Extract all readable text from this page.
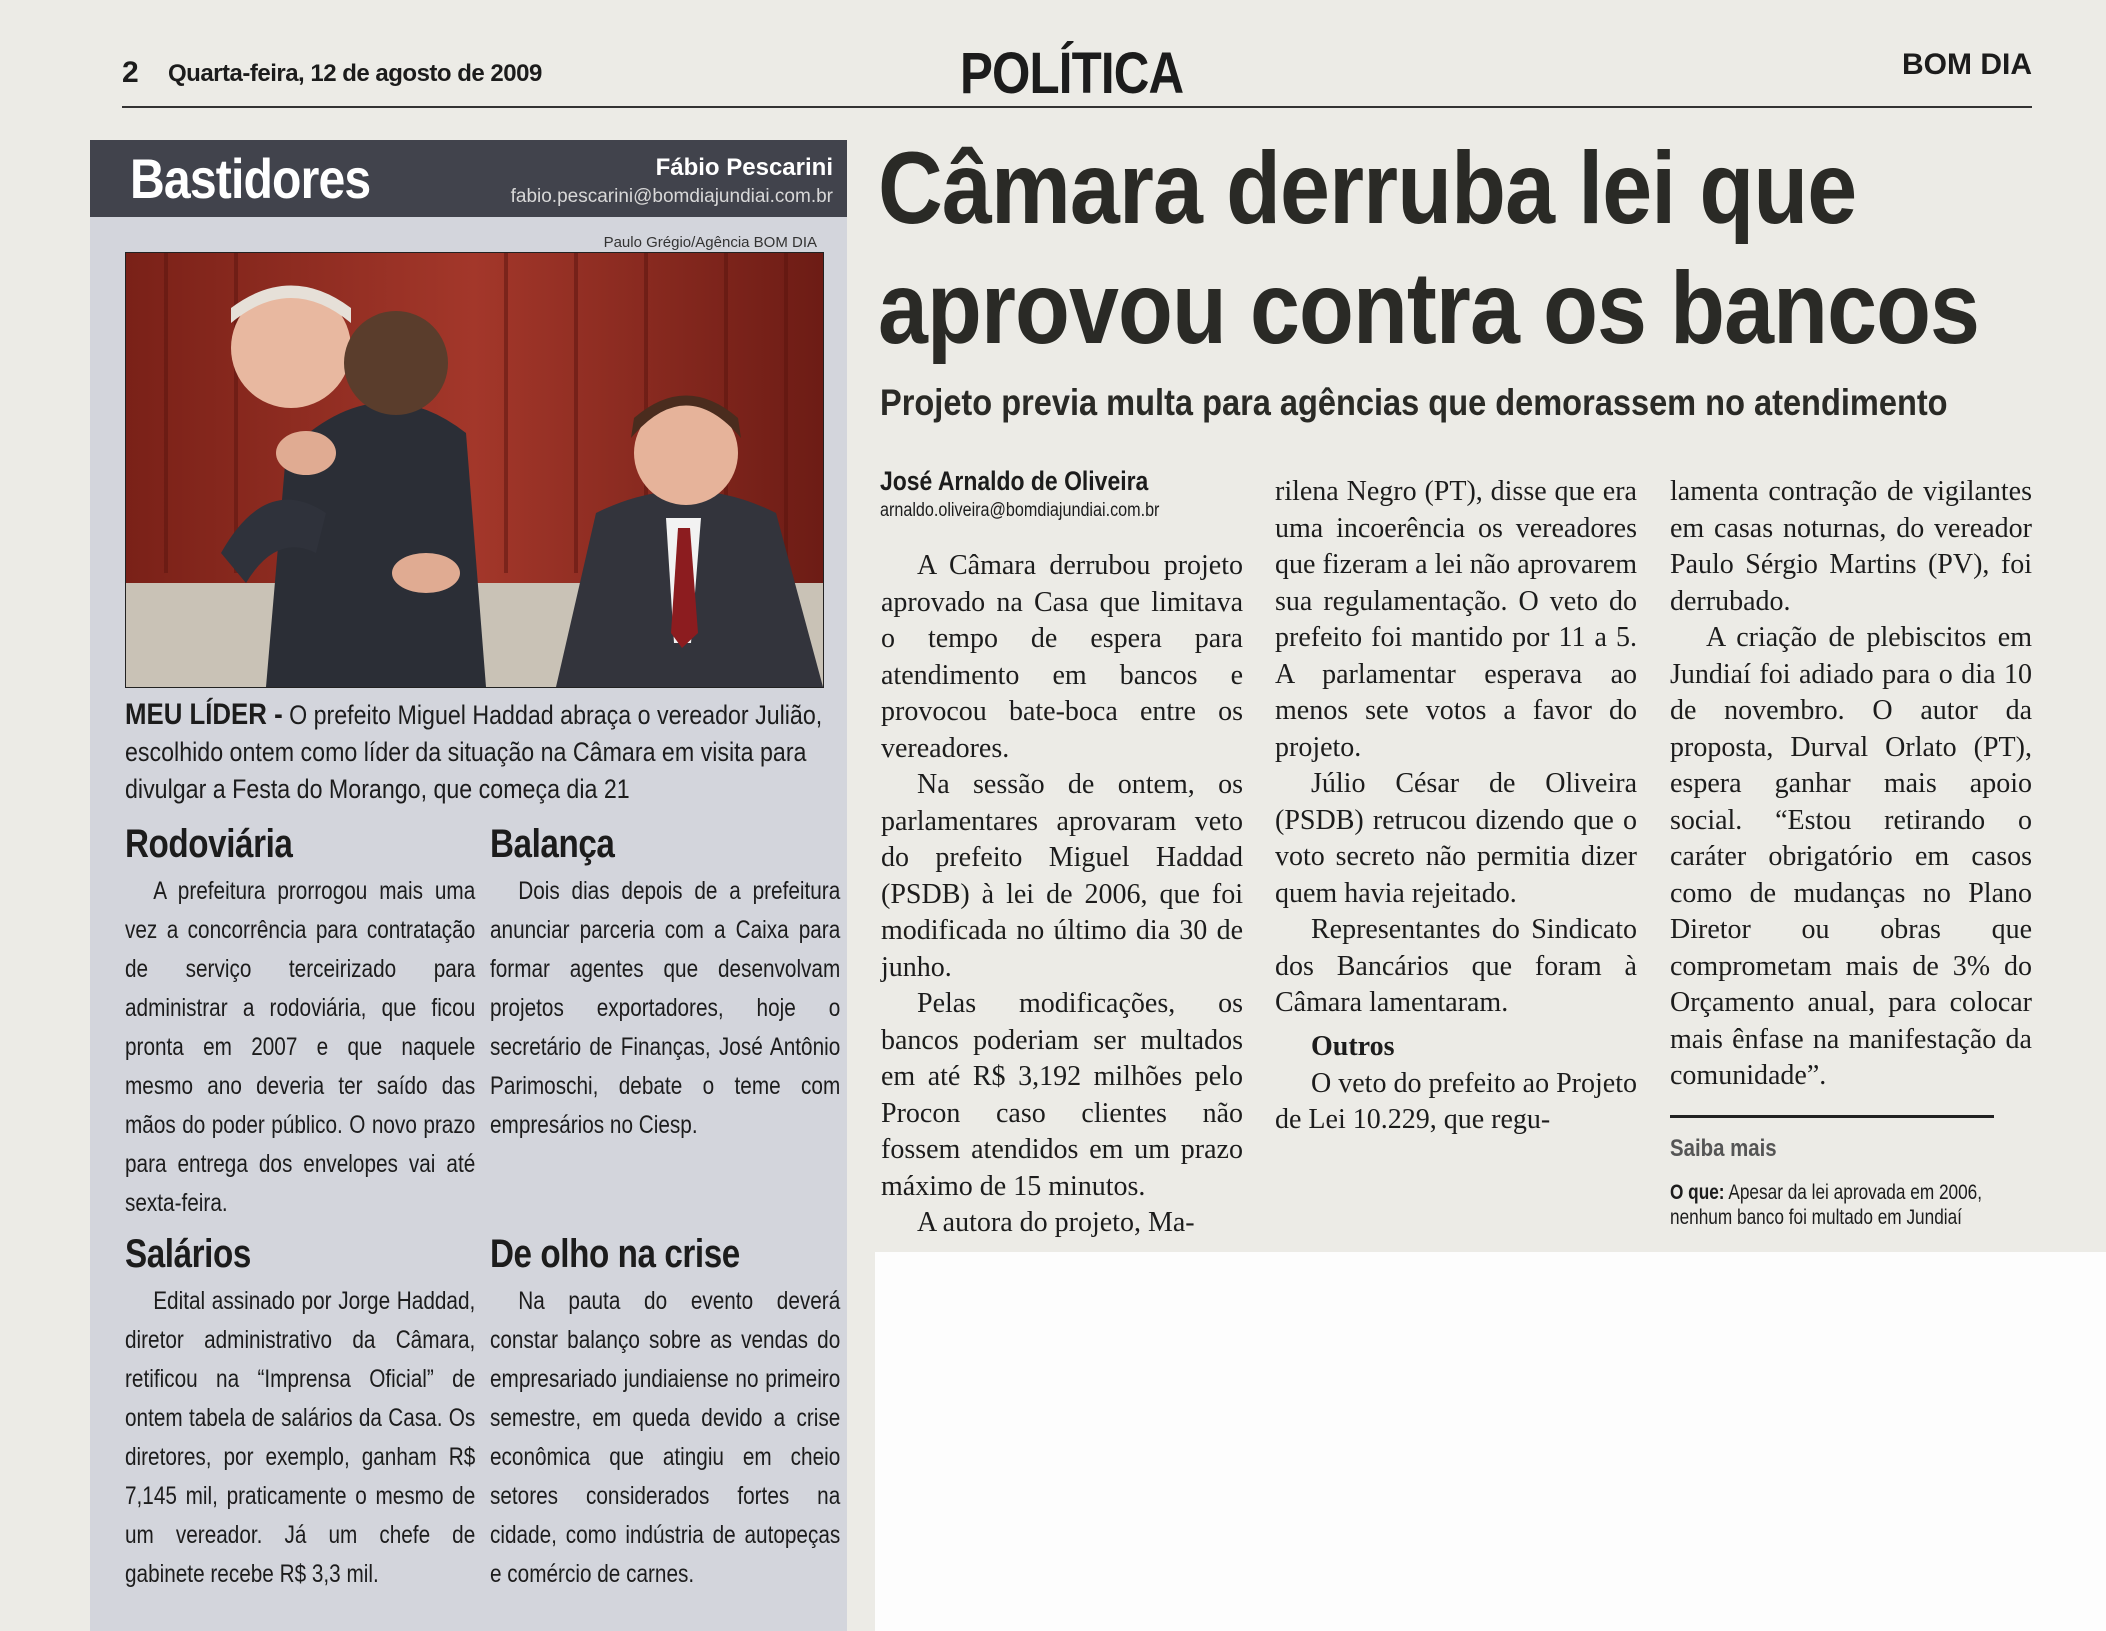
2 Quarta-feira, 12 de agosto de 2009	POLÍTICA	BOM DIA
Bastidores	Fábio Pescarini
fabio.pescarini@bomdiajundiai.com.br
Paulo Grégio/Agência BOM DIA
MEU LÍDER - O prefeito Miguel Haddad abraça o vereador Julião, escolhido ontem como líder da situação na Câmara em visita para divulgar a Festa do Morango, que começa dia 21
Rodoviária

A prefeitura prorrogou mais uma vez a concorrência para contratação de serviço terceirizado para administrar a rodoviária, que ficou pronta em 2007 e que naquele mesmo ano deveria ter saído das mãos do poder público. O novo prazo para entrega dos envelopes vai até sexta-feira.

Balança

Dois dias depois de a prefeitura anunciar parceria com a Caixa para formar agentes que desenvolvam projetos exportadores, hoje o secretário de Finanças, José Antônio Parimoschi, debate o teme com empresários no Ciesp.

Salários

Edital assinado por Jorge Haddad, diretor administrativo da Câmara, retificou na “Imprensa Oficial” de ontem tabela de salários da Casa. Os diretores, por exemplo, ganham R$ 7,145 mil, praticamente o mesmo de um vereador. Já um chefe de gabinete recebe R$ 3,3 mil.

De olho na crise

Na pauta do evento deverá constar balanço sobre as vendas do empresariado jundiaiense no primeiro semestre, em queda devido a crise econômica que atingiu em cheio setores considerados fortes na cidade, como indústria de autopeças e comércio de carnes.

Câmara derruba lei que
aprovou contra os bancos
Projeto previa multa para agências que demorassem no atendimento
José Arnaldo de Oliveira
arnaldo.oliveira@bomdiajundiai.com.br

A Câmara derrubou projeto aprovado na Casa que limitava o tempo de espera para atendimento em bancos e provocou bate-boca entre os vereadores.

Na sessão de ontem, os parlamentares aprovaram veto do prefeito Miguel Haddad (PSDB) à lei de 2006, que foi modificada no último dia 30 de junho.

Pelas modificações, os bancos poderiam ser multados em até R$ 3,192 milhões pelo Procon caso clientes não fossem atendidos em um prazo máximo de 15 minutos.

A autora do projeto, Ma-

rilena Negro (PT), disse que era uma incoerência os vereadores que fizeram a lei não aprovarem sua regulamentação. O veto do prefeito foi mantido por 11 a 5. A parlamentar esperava ao menos sete votos a favor do projeto.

Júlio César de Oliveira (PSDB) retrucou dizendo que o voto secreto não permitia dizer quem havia rejeitado.

Representantes do Sindicato dos Bancários que foram à Câmara lamentaram.

Outros

O veto do prefeito ao Projeto de Lei 10.229, que regu-

lamenta contração de vigilantes em casas noturnas, do vereador Paulo Sérgio Martins (PV), foi derrubado.

A criação de plebiscitos em Jundiaí foi adiado para o dia 10 de novembro. O autor da proposta, Durval Orlato (PT), espera ganhar mais apoio social. “Estou retirando o caráter obrigatório em casos como de mudanças no Plano Diretor ou obras que comprometam mais de 3% do Orçamento anual, para colocar mais ênfase na manifestação da comunidade”.

Saiba mais
O que: Apesar da lei aprovada em 2006, nenhum banco foi multado em Jundiaí
